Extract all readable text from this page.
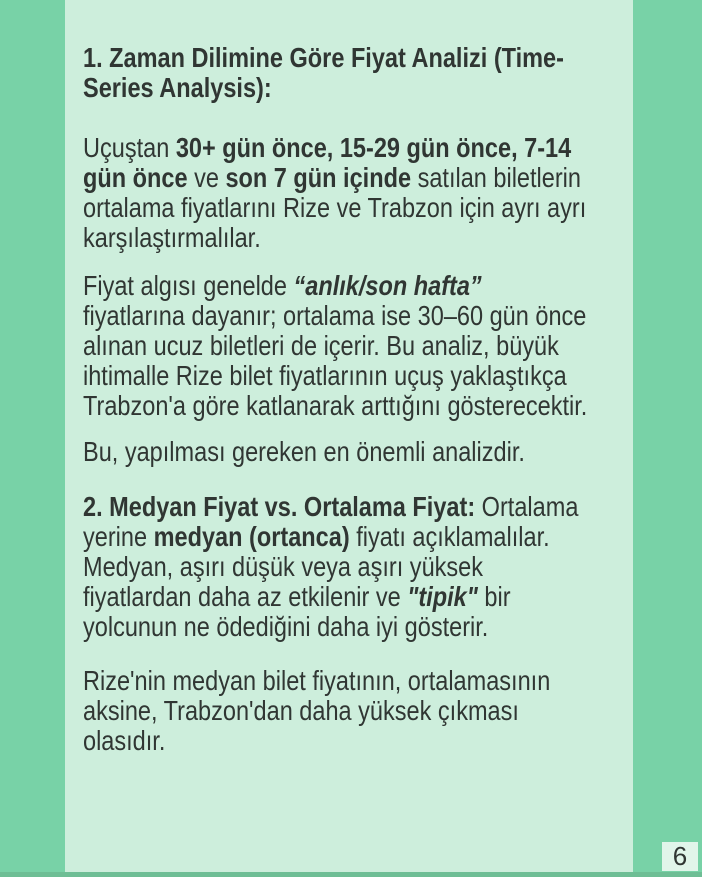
1. Zaman Dilimine Göre Fiyat Analizi (Time-
Series Analysis):
Uçuştan 30+ gün önce, 15-29 gün önce, 7-14
gün önce ve son 7 gün içinde satılan biletlerin
ortalama fiyatlarını Rize ve Trabzon için ayrı ayrı
karşılaştırmalılar.
Fiyat algısı genelde “anlık/son hafta”
fiyatlarına dayanır; ortalama ise 30–60 gün önce
alınan ucuz biletleri de içerir. Bu analiz, büyük
ihtimalle Rize bilet fiyatlarının uçuş yaklaştıkça
Trabzon'a göre katlanarak arttığını gösterecektir.
Bu, yapılması gereken en önemli analizdir.
2. Medyan Fiyat vs. Ortalama Fiyat: Ortalama
yerine medyan (ortanca) fiyatı açıklamalılar.
Medyan, aşırı düşük veya aşırı yüksek
fiyatlardan daha az etkilenir ve "tipik" bir
yolcunun ne ödediğini daha iyi gösterir.
Rize'nin medyan bilet fiyatının, ortalamasının
aksine, Trabzon'dan daha yüksek çıkması
olasıdır.
6
